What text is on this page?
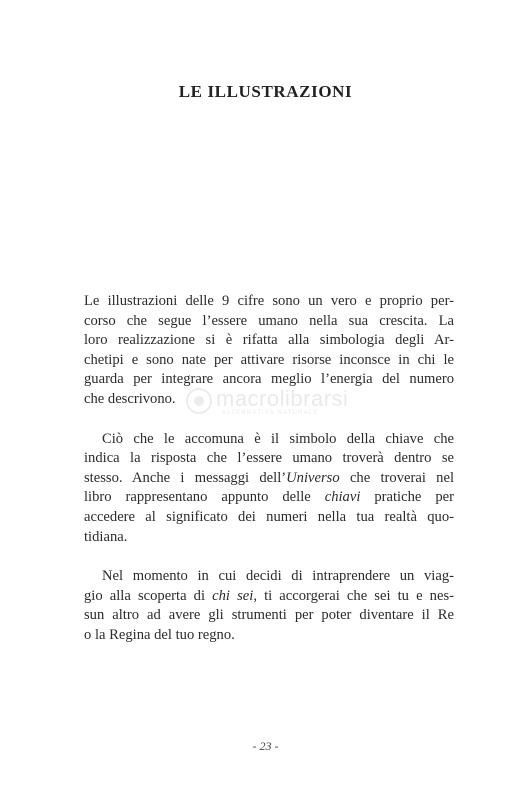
LE ILLUSTRAZIONI

Le illustrazioni delle 9 cifre sono un vero e proprio per-
corso che segue l’essere umano nella sua crescita. La
loro realizzazione si è rifatta alla simbologia degli Ar-
chetipi e sono nate per attivare risorse inconsce in chi le
guarda per integrare ancora meglio l’energia del numero
che descrivono.

Ciò che le accomuna è il simbolo della chiave che
indica la risposta che l’essere umano troverà dentro se
stesso. Anche i messaggi dell’Universo che troverai nel
libro rappresentano appunto delle chiavi pratiche per
accedere al significato dei numeri nella tua realtà quo-
tidiana.

Nel momento in cui decidi di intraprendere un viag-
gio alla scoperta di chi sei, ti accorgerai che sei tu e nes-
sun altro ad avere gli strumenti per poter diventare il Re
o la Regina del tuo regno.

macrolibrarsi
ALTERNATIVA NATURALE
- 23 -
